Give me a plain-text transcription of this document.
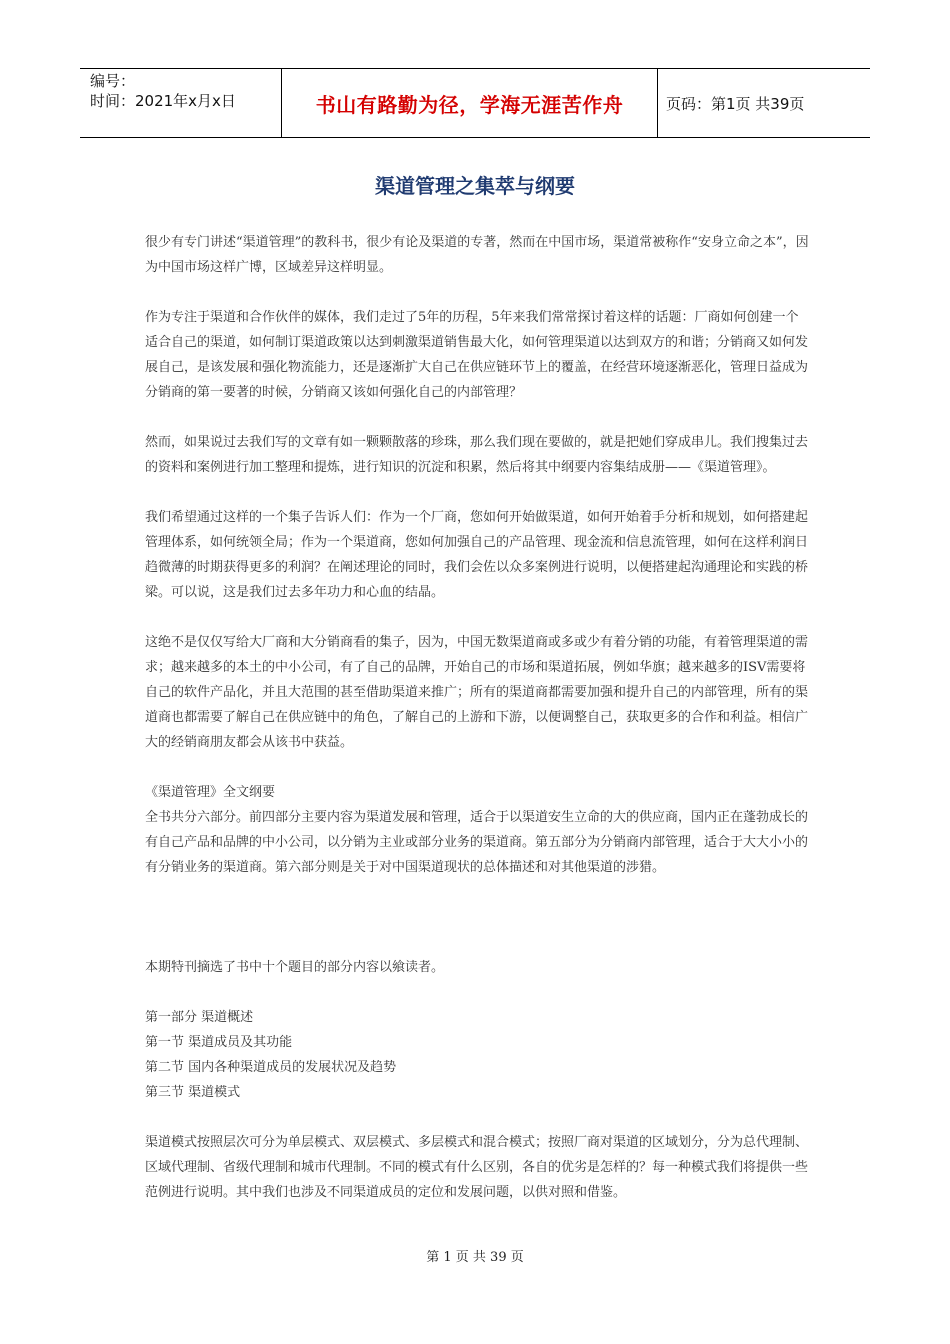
编号：
时间：2021年x月x日	书山有路勤为径，学海无涯苦作舟	页码：第1页 共39页
渠道管理之集萃与纲要

很少有专门讲述“渠道管理”的教科书，很少有论及渠道的专著，然而在中国市场，渠道常被称作“安身立命之本”，因为中国市场这样广博，区域差异这样明显。

作为专注于渠道和合作伙伴的媒体，我们走过了5年的历程，5年来我们常常探讨着这样的话题：厂商如何创建一个适合自己的渠道，如何制订渠道政策以达到刺激渠道销售最大化，如何管理渠道以达到双方的和谐；分销商又如何发展自己，是该发展和强化物流能力，还是逐渐扩大自己在供应链环节上的覆盖，在经营环境逐渐恶化，管理日益成为分销商的第一要著的时候，分销商又该如何强化自己的内部管理？

然而，如果说过去我们写的文章有如一颗颗散落的珍珠，那么我们现在要做的，就是把她们穿成串儿。我们搜集过去的资料和案例进行加工整理和提炼，进行知识的沉淀和积累，然后将其中纲要内容集结成册——《渠道管理》。

我们希望通过这样的一个集子告诉人们：作为一个厂商，您如何开始做渠道，如何开始着手分析和规划，如何搭建起管理体系，如何统领全局；作为一个渠道商，您如何加强自己的产品管理、现金流和信息流管理，如何在这样利润日趋微薄的时期获得更多的利润？在阐述理论的同时，我们会佐以众多案例进行说明，以便搭建起沟通理论和实践的桥梁。可以说，这是我们过去多年功力和心血的结晶。

这绝不是仅仅写给大厂商和大分销商看的集子，因为，中国无数渠道商或多或少有着分销的功能，有着管理渠道的需求；越来越多的本土的中小公司，有了自己的品牌，开始自己的市场和渠道拓展，例如华旗；越来越多的ISV需要将自己的软件产品化，并且大范围的甚至借助渠道来推广；所有的渠道商都需要加强和提升自己的内部管理，所有的渠道商也都需要了解自己在供应链中的角色，了解自己的上游和下游，以便调整自己，获取更多的合作和利益。相信广大的经销商朋友都会从该书中获益。

《渠道管理》全文纲要

全书共分六部分。前四部分主要内容为渠道发展和管理，适合于以渠道安生立命的大的供应商，国内正在蓬勃成长的有自己产品和品牌的中小公司，以分销为主业或部分业务的渠道商。第五部分为分销商内部管理，适合于大大小小的有分销业务的渠道商。第六部分则是关于对中国渠道现状的总体描述和对其他渠道的涉猎。

本期特刊摘选了书中十个题目的部分内容以飨读者。

第一部分 渠道概述

第一节 渠道成员及其功能

第二节 国内各种渠道成员的发展状况及趋势

第三节 渠道模式

渠道模式按照层次可分为单层模式、双层模式、多层模式和混合模式；按照厂商对渠道的区域划分，分为总代理制、区域代理制、省级代理制和城市代理制。不同的模式有什么区别，各自的优劣是怎样的？每一种模式我们将提供一些范例进行说明。其中我们也涉及不同渠道成员的定位和发展问题，以供对照和借鉴。

第 1 页 共 39 页
